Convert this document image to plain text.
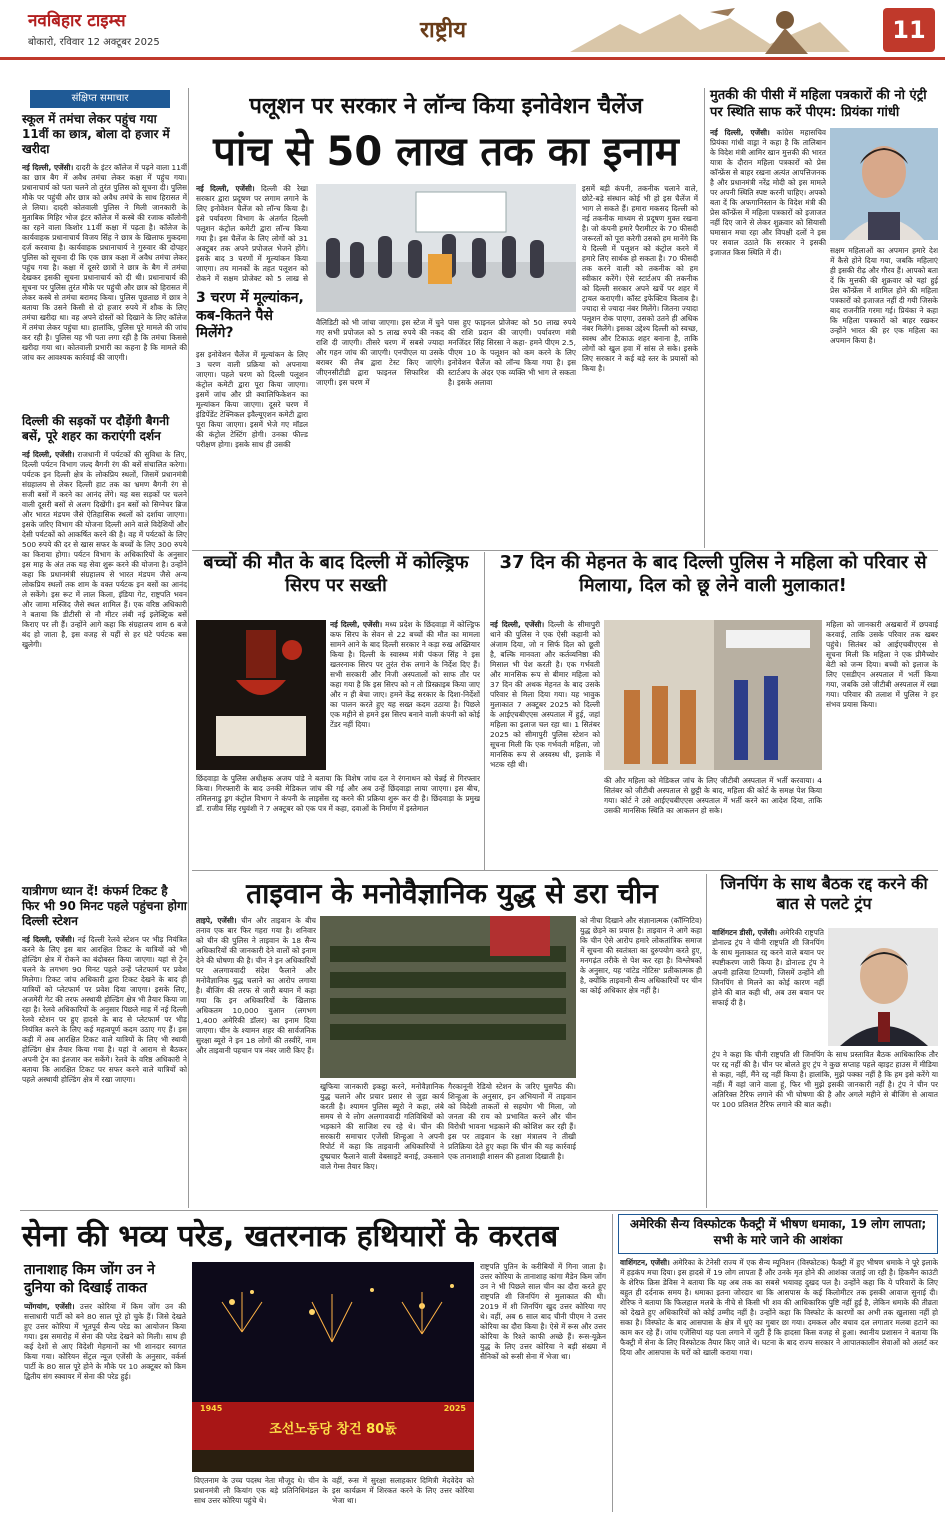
नवबिहार टाइम्स
बोकारो, रविवार 12 अक्टूबर 2025	राष्ट्रीय	11
संक्षिप्त समाचार
स्कूल में तमंचा लेकर पहुंच गया 11वीं का छात्र, बोला दो हजार में खरीदा
नई दिल्ली, एजेंसी। दादरी के इंटर कॉलेज में पढ़ने वाला 11वीं का छात्र बैग में अवैध तमंचा लेकर कक्षा में पहुंच गया। प्रधानाचार्य को पता चलने तो तुरंत पुलिस को सूचना दी। पुलिस मौके पर पहुंची और छात्र को अवैध तमंचे के साथ हिरासत में ले लिया। दादरी कोतवाली पुलिस ने मिली जानकारी के मुताबिक मिहिर भोज इंटर कॉलेज में कस्बे की रजाक कॉलोनी का रहने वाला किशोर 11वीं कक्षा में पढ़ता है। कॉलेज के कार्यवाहक प्रधानाचार्य विजय सिंह ने छात्र के खिलाफ मुकदमा दर्ज करवाया है। कार्यवाहक प्रधानाचार्य ने गुरुवार की दोपहर पुलिस को सूचना दी कि एक छात्र कक्षा में अवैध तमंचा लेकर पहुंच गया है। कक्षा में दूसरे छात्रों ने छात्र के बैग में तमंचा देखकर इसकी सूचना प्रधानाचार्य को दी थी। प्रधानाचार्य की सूचना पर पुलिस तुरंत मौके पर पहुंची और छात्र को हिरासत में लेकर कस्बे से तमंचा बरामद किया। पुलिस पूछताछ में छात्र ने बताया कि उसने किसी से दो हजार रुपये में शौक के लिए तमंचा खरीदा था। वह अपने दोस्तों को दिखाने के लिए कॉलेज में तमंचा लेकर पहुंचा था। हालांकि, पुलिस पूरे मामले की जांच कर रही है। पुलिस यह भी पता लगा रही है कि तमंचा किससे खरीदा गया था। कोतवाली प्रभारी का कहना है कि मामले की जांच कर आवश्यक कार्रवाई की जाएगी।
दिल्ली की सड़कों पर दौड़ेंगी बैगनी बसें, पूरे शहर का कराएंगी दर्शन
नई दिल्ली, एजेंसी। राजधानी में पर्यटकों की सुविधा के लिए, दिल्ली पर्यटन विभाग जल्द बैगनी रंग की बसें संचालित करेगा। पर्यटक इन दिल्ली क्षेत्र के लोकप्रिय स्थलों, जिसमें प्रधानमंत्री संग्रहालय से लेकर दिल्ली हाट तक का भ्रमण बैगनी रंग से सजी बसों में करने का आनंद लेंगे। यह बस सड़कों पर चलने वाली दूसरी बसों से अलग दिखेंगी। इन बसों को सिग्नेचर ब्रिज और भारत मंडपम जैसे ऐतिहासिक स्थलों को दर्शाया जाएगा। इसके जरिए विभाग की योजना दिल्ली आने वाले विदेशियों और देसी पर्यटकों को आकर्षित करने की है। वह में पर्यटकों के लिए 500 रुपये की दर से खास सफर के बच्चों के लिए 300 रुपये का किराया होगा। पर्यटन विभाग के अधिकारियों के अनुसार इस माह के अंत तक यह सेवा शुरू करने की योजना है। उन्होंने कहा कि प्रधानमंत्री संग्रहालय से भारत मंडपम जैसे अन्य लोकप्रिय स्थलों तक शाम के वक्त पर्यटक इन बसों का आनंद ले सकेंगे। इस रूट में लाल किला, इंडिया गेट, राष्ट्रपति भवन और जामा मस्जिद जैसे स्थल शामिल हैं। एक वरिष्ठ अधिकारी ने बताया कि डीटीसी से नौ मीटर लंबी नई इलेक्ट्रिक बसें किराए पर ली हैं। उन्होंने आगे कहा कि संग्रहालय शाम 6 बजे बंद हो जाता है, इस वजह से यहीं से हर घंटे पर्यटक बस खुलेगी।
यात्रीगण ध्यान दें! कंफर्म टिकट है फिर भी 90 मिनट पहले पहुंचना होगा दिल्ली स्टेशन
नई दिल्ली, एजेंसी। नई दिल्ली रेलवे स्टेशन पर भीड़ नियंत्रित करने के लिए इस बार आरक्षित टिकट के यात्रियों को भी होल्डिंग क्षेत्र में रोकने का बंदोबस्त किया जाएगा। यहां से ट्रेन चलने के लगभग 90 मिनट पहले उन्हें प्लेटफार्म पर प्रवेश मिलेगा। टिकट जांच अधिकारी द्वारा टिकट देखने के बाद ही यात्रियों को प्लेटफार्म पर प्रवेश दिया जाएगा। इसके लिए, अजमेरी गेट की तरफ अस्थायी होल्डिंग क्षेत्र भी तैयार किया जा रहा है। रेलवे अधिकारियों के अनुसार पिछले माह में नई दिल्ली रेलवे स्टेशन पर हुए हादसे के बाद से प्लेटफार्म पर भीड़ नियंत्रित करने के लिए कई महत्वपूर्ण कदम उठाए गए हैं। इस कड़ी में अब आरक्षित टिकट वाले यात्रियों के लिए भी स्थायी होल्डिंग क्षेत्र तैयार किया गया है। यहां वे आराम से बैठकर अपनी ट्रेन का इंतजार कर सकेंगे। रेलवे के वरिष्ठ अधिकारी ने बताया कि आरक्षित टिकट पर सफर करने वाले यात्रियों को पहले अस्थायी होल्डिंग क्षेत्र में रखा जाएगा।
पलूशन पर सरकार ने लॉन्च किया इनोवेशन चैलेंज
पांच से 50 लाख तक का इनाम
नई दिल्ली, एजेंसी। दिल्ली की रेखा सरकार द्वारा प्रदूषण पर लगाम लगाने के लिए इनोवेशन चैलेंज को लॉन्च किया है। इसे पर्यावरण विभाग के अंतर्गत दिल्ली पलूशन कंट्रोल कमेटी द्वारा लॉन्च किया गया है। इस चैलेंज के लिए लोगों को 31 अक्टूबर तक अपने प्रपोजल भेजने होंगे। इसके बाद 3 चरणों में मूल्यांकन किया जाएगा। तय मानकों के तहत पलूशन को रोकने में सक्षम प्रोजेक्ट को 5 लाख से
3 चरण में मूल्यांकन, कब-कितने पैसे मिलेंगे?
इस इनोवेशन चैलेंज में मूल्यांकन के लिए 3 चरण वाली प्रक्रिया को अपनाया जाएगा। पहले चरण को दिल्ली पलूशन कंट्रोल कमेटी द्वारा पूरा किया जाएगा। इसमें जांच और प्री क्वालिफिकेशन का मूल्यांकन किया जाएगा। दूसरे चरण में इंडिपेंडेंट टेक्निकल इवैल्यूएशन कमेटी द्वारा पूरा किया जाएगा। इसमें भेजे गए मॉडल की कंट्रोल टेस्टिंग होगी। उनका फील्ड परीक्षण होगा। इसके साथ ही उसकी
वैलिडिटी को भी जांचा जाएगा। इस स्टेज में चुने गए सभी प्रपोजल को 5 लाख रुपये की नकद राशि दी जाएगी। तीसरे चरण में सबसे ज्यादा और गहन जांच की जाएगी। एनपीएल या उसके बराबर की लैब द्वारा टेस्ट किए जाएंगे। जीएनसीटीडी द्वारा फाइनल सिफारिश की जाएगी। इस चरण में
पास हुए फाइनल प्रोजेक्ट को 50 लाख रुपये की राशि प्रदान की जाएगी। पर्यावरण मंत्री मनजिंदर सिंह सिरसा ने कहा- हमने पीएम 2.5, पीएम 10 के पलूशन को कम करने के लिए इनोवेशन चैलेंज को लॉन्च किया गया है। इस स्टार्टअप के अंदर एक व्यक्ति भी भाग ले सकता है। इसके अलावा
इसमें बड़ी कंपनी, तकनीक चलाने वाले, छोटे-बड़े संस्थान कोई भी हो इस चैलेंज में भाग ले सकते हैं। हमारा मकसद दिल्ली को नई तकनीक माध्यम से प्रदूषण मुक्त रखना है। जो कंपनी हमारे पैरामीटर के 70 फीसदी जरूरतों को पूरा करेगी उसको हम मानेंगे कि ये दिल्ली में पलूशन को कंट्रोल करने में हमारे लिए सार्थक हो सकता है। 70 फीसदी तक करने वाली को तकनीक को हम स्वीकार करेंगे। ऐसे स्टार्टअप की तकनीक को दिल्ली सरकार अपने खर्चे पर शहर में ट्रायल कराएगी। कॉस्ट इफेक्टिव किताब है। ज्यादा से ज्यादा नंबर मिलेंगे। जितना ज्यादा पलूशन रोक पाएगा, उसको उतने ही अधिक नंबर मिलेंगे। इसका उद्देश्य दिल्ली को स्वच्छ, स्वस्थ और टिकाऊ शहर बनाना है, ताकि लोगों को खुल हवा में सांस ले सके। इसके लिए सरकार ने कई बड़े स्तर के प्रयासों को किया है।
मुतकी की पीसी में महिला पत्रकारों की नो एंट्री पर स्थिति साफ करें पीएम: प्रियंका गांधी
नई दिल्ली, एजेंसी। कांग्रेस महासचिव प्रियंका गांधी वाड्रा ने कहा है कि तालिबान के विदेश मंत्री आमिर खान मुत्तकी की भारत यात्रा के दौरान महिला पत्रकारों को प्रेस कॉन्फ्रेंस से बाहर रखना अत्यंत आपत्तिजनक है और प्रधानमंत्री नरेंद्र मोदी को इस मामले पर अपनी स्थिति स्पष्ट करनी चाहिए। अपको बता दें कि अफगानिस्तान के विदेश मंत्री की प्रेस कॉन्फ्रेंस में महिला पत्रकारों को इजाजत नहीं दिए जाने से लेकर शुक्रवार को सियासी घमासान मचा रहा और विपक्षी दलों ने इस पर सवाल उठाते कि सरकार ने इसकी इजाजत किस स्थिति में दी।	सक्षम महिलाओं का अपमान हमारे देश में कैसे होने दिया गया, जबकि महिलाएं ही इसकी रीढ़ और गौरव हैं। आपको बता दें कि मुत्तकी की शुक्रवार को यहां हुई प्रेस कॉन्फ्रेंस में शामिल होने की महिला पत्रकारों को इजाजत नहीं दी गयी जिसके बाद राजनीति गरमा गई। प्रियंका ने कहा कि महिला पत्रकारों को बाहर रखकर उन्होंने भारत की हर एक महिला का अपमान किया है।
बच्चों की मौत के बाद दिल्ली में कोल्ड्रिफ सिरप पर सख्ती
नई दिल्ली, एजेंसी। मध्य प्रदेश के छिंदवाड़ा में कोल्ड्रिफ कफ सिरप के सेवन से 22 बच्चों की मौत का मामला सामने आने के बाद दिल्ली सरकार ने कड़ा रुख अख्तियार किया है। दिल्ली के स्वास्थ्य मंत्री पंकज सिंह ने इस खतरनाक सिरप पर तुरंत रोक लगाने के निर्देश दिए हैं। सभी सरकारी और निजी अस्पतालों को साफ तौर पर कहा गया है कि इस सिरप को न तो प्रिस्क्राइब किया जाए और न ही बेचा जाए। हमने केंद्र सरकार के दिशा-निर्देशों का पालन करते हुए यह सख्त कदम उठाया है। पिछले एक महीने से हमने इस सिरप बनाने वाली कंपनी को कोई टेंडर नहीं दिया।
छिंदवाड़ा के पुलिस अधीक्षक अजय पांडे ने बताया कि विशेष जांच दल ने रंगनाथन को चेन्नई से गिरफ्तार किया। गिरफ्तारी के बाद उनकी मेडिकल जांच की गई और अब उन्हें छिंदवाड़ा लाया जाएगा। इस बीच, तमिलनाडु ड्रग कंट्रोल विभाग ने कंपनी के लाइसेंस रद्द करने की प्रक्रिया शुरू कर दी है। छिंदवाड़ा के प्रमुख डॉ. राजीव सिंह रघुवंशी ने 7 अक्टूबर को एक पत्र में कहा, दवाओं के निर्माण में इस्तेमाल
37 दिन की मेहनत के बाद दिल्ली पुलिस ने महिला को परिवार से मिलाया, दिल को छू लेने वाली मुलाकात!
नई दिल्ली, एजेंसी। दिल्ली के सीमापुरी थाने की पुलिस ने एक ऐसी कहानी को अंजाम दिया, जो न सिर्फ दिल को छूती है, बल्कि मानवता और कर्तव्यनिष्ठा की मिसाल भी पेश करती है। एक गर्भवती और मानसिक रूप से बीमार महिला को 37 दिन की अथक मेहनत के बाद उसके परिवार से मिला दिया गया। यह भावुक मुलाकात 7 अक्टूबर 2025 को दिल्ली के आईएचबीएएस अस्पताल में हुई, जहां महिला का इलाज चल रहा था। 1 सितंबर 2025 को सीमापुरी पुलिस स्टेशन को सूचना मिली कि एक गर्भवती महिला, जो मानसिक रूप से अस्वस्थ थी, इलाके में भटक रही थी।
की और महिला को मेडिकल जांच के लिए जीटीबी अस्पताल में भर्ती करवाया। 4 सितंबर को जीटीबी अस्पताल से छुट्टी के बाद, महिला की कोर्ट के समक्ष पेश किया गया। कोर्ट ने उसे आईएचबीएएस अस्पताल में भर्ती करने का आदेश दिया, ताकि उसकी मानसिक स्थिति का आकलन हो सके।
महिला को जानकारी अखबारों में छपवाई करवाई, ताकि उसके परिवार तक खबर पहुंचे। सितंबर को आईएचबीएएस से सूचना मिली कि महिला ने एक प्रीमैच्योर बेटी को जन्म दिया। बच्ची को इलाज के लिए एसडीएन अस्पताल में भर्ती किया गया, जबकि उसे जीटीबी अस्पताल में रखा गया। परिवार की तलाश में पुलिस ने हर संभव प्रयास किया।
ताइवान के मनोवैज्ञानिक युद्ध से डरा चीन
ताइपे, एजेंसी। चीन और ताइवान के बीच तनाव एक बार फिर गहरा गया है। शनिवार को चीन की पुलिस ने ताइवान के 18 सैन्य अधिकारियों की जानकारी देने वालों को इनाम देने की घोषणा की है। चीन ने इन अधिकारियों पर अलगाववादी संदेश फैलाने और मनोवैज्ञानिक युद्ध चलाने का आरोप लगाया है। बीजिंग की तरफ से जारी बयान में कहा गया कि इन अधिकारियों के खिलाफ अधिकतम 10,000 युआन (लगभग 1,400 अमेरिकी डॉलर) का इनाम दिया जाएगा। चीन के श्यामन शहर की सार्वजनिक सुरक्षा ब्यूरो ने इन 18 लोगों की तस्वीरें, नाम और ताइवानी पहचान पत्र नंबर जारी किए हैं।
खुफिया जानकारी इकट्ठा करने, मनोवैज्ञानिक युद्ध चलाने और प्रचार प्रसार से जुड़ा कार्य करती है। श्यामन पुलिस ब्यूरो ने कहा, लंबे समय से ये लोग अलगाववादी गतिविधियों को भड़काने की साजिश रच रहे थे। चीन की सरकारी समाचार एजेंसी शिन्हुआ ने अपनी रिपोर्ट में कहा कि ताइवानी अधिकारियों ने दुष्प्रचार फैलाने वाली वेबसाइटें बनाई, उकसाने वाले गेम्स तैयार किए।
गैरकानूनी रेडियो स्टेशन के जरिए घुसपैठ की। शिन्हुआ के अनुसार, इन अभियानों में ताइवान को विदेशी ताकतों से सहयोग भी मिला, जो जनता की राय को प्रभावित करने और चीन विरोधी भावना भड़काने की कोशिश कर रही हैं। इस पर ताइवान के रक्षा मंत्रालय ने तीखी प्रतिक्रिया देते हुए कहा कि चीन की यह कार्रवाई एक तानाशाही शासन की हताशा दिखाती है।
को नीचा दिखाने और संज्ञानात्मक (कॉग्निटिव) युद्ध छेड़ने का प्रयास है। ताइवान ने आगे कहा कि चीन ऐसे आरोप हमारे लोकतांत्रिक समाज में सूचना की स्वतंत्रता का दुरुपयोग करते हुए, मनगढ़ंत तरीके से पेश कर रहा है। विश्लेषकों के अनुसार, यह 'वांटेड नोटिस' प्रतीकात्मक ही है, क्योंकि ताइवानी सैन्य अधिकारियों पर चीन का कोई अधिकार क्षेत्र नहीं है।
जिनपिंग के साथ बैठक रद्द करने की बात से पलटे ट्रंप
वाशिंगटन डीसी, एजेंसी। अमेरिकी राष्ट्रपति डोनाल्ड ट्रंप ने चीनी राष्ट्रपति शी जिनपिंग के साथ मुलाकात रद्द करने वाले बयान पर स्पष्टीकरण जारी किया है। डोनाल्ड ट्रंप ने अपनी हालिया टिप्पणी, जिसमें उन्होंने शी जिनपिंग से मिलने का कोई कारण नहीं होने की बात कही थी, अब उस बयान पर सफाई दी है।
ट्रंप ने कहा कि चीनी राष्ट्रपति शी जिनपिंग के साथ प्रस्तावित बैठक आधिकारिक तौर पर रद्द नहीं की है। चीन पर बोलते हुए ट्रंप ने कुछ सप्ताह पहले व्हाइट हाउस में मीडिया से कहा, नहीं, मैंने रद्द नहीं किया है। हालांकि, मुझे पक्का नहीं है कि हम इसे करेंगे या नहीं। मैं वहां जाने वाला हूं, फिर भी मुझे इसकी जानकारी नहीं है। ट्रंप ने चीन पर अतिरिक्त टैरिफ लगाने की भी घोषणा की है और अगले महीने से बीजिंग से आयात पर 100 प्रतिशत टैरिफ लगाने की बात कही।
सेना की भव्य परेड, खतरनाक हथियारों के करतब
तानाशाह किम जोंग उन ने दुनिया को दिखाई ताकत
प्योंगयांग, एजेंसी। उत्तर कोरिया में किम जोंग उन की सत्ताधारी पार्टी को बने 80 साल पूरे हो चुके हैं। जिसे देखते हुए उत्तर कोरिया में भूतपूर्व सैन्य परेड का आयोजन किया गया। इस समारोह में सेना की परेड देखने को मिली। साथ ही कई देशों से आए विदेशी मेहमानों का भी शानदार स्वागत किया गया। कोरियन सेंट्रल न्यूज एजेंसी के अनुसार, वर्कर्स पार्टी के 80 साल पूरे होने के मौके पर 10 अक्टूबर को किम द्वितीय संग स्क्वायर में सेना की परेड हुई।
1945
조선노동당 창건 80돐
2025
विएतनाम के उच्च पदस्थ नेता मौजूद थे। चीन के प्रधानमंत्री ली कियांग एक बड़े प्रतिनिधिमंडल के साथ उत्तर कोरिया पहुंचे थे।
वहीं, रूस में सुरक्षा सलाहकार दिमित्री मेदवेदेव को इस कार्यक्रम में शिरकत करने के लिए उत्तर कोरिया भेजा था।
राष्ट्रपति पुतिन के करीबियों में गिना जाता है। उत्तर कोरिया के तानाशाह कांगा मैडेन किम जोंग उन ने भी पिछले साल चीन का दौरा करते हुए राष्ट्रपति शी जिनपिंग से मुलाकात की थी। 2019 में शी जिनपिंग खुद उत्तर कोरिया गए थे। वहीं, अब 6 साल बाद चीनी पीएम ने उत्तर कोरिया का दौरा किया है। ऐसे में रूस और उत्तर कोरिया के रिश्ते काफी अच्छे हैं। रूस-यूक्रेन युद्ध के लिए उत्तर कोरिया ने बड़ी संख्या में सैनिकों को रूसी सेना में भेजा था।
अमेरिकी सैन्य विस्फोटक फैक्ट्री में भीषण धमाका, 19 लोग लापता; सभी के मारे जाने की आशंका
वाशिंगटन, एजेंसी। अमेरिका के टेनेसी राज्य में एक सैन्य म्यूनिशन (विस्फोटक) फैक्ट्री में हुए भीषण धमाके ने पूरे इलाके में हड़कंप मचा दिया। इस हादसे में 19 लोग लापता हैं और उनके मृत होने की आशंका जताई जा रही है। हिकमैन काउंटी के शेरिफ क्रिस डेविस ने बताया कि यह अब तक का सबसे भयावह दुखद पल है। उन्होंने कहा कि ये परिवारों के लिए बहुत ही दर्दनाक समय है। धमाका इतना जोरदार था कि आसपास के कई किलोमीटर तक इसकी आवाज सुनाई दी। शेरिफ ने बताया कि फिलहाल मलबे के नीचे से किसी भी शव की आधिकारिक पुष्टि नहीं हुई है, लेकिन धमाके की तीव्रता को देखते हुए अधिकारियों को कोई उम्मीद नहीं है। उन्होंने कहा कि विस्फोट के कारणों का अभी तक खुलासा नहीं हो सका है। विस्फोट के बाद आसपास के क्षेत्र में धुएं का गुबार छा गया। दमकल और बचाव दल लगातार मलबा हटाने का काम कर रहे हैं। जांच एजेंसियां यह पता लगाने में जुटी हैं कि हादसा किस वजह से हुआ। स्थानीय प्रशासन ने बताया कि फैक्ट्री में सेना के लिए विस्फोटक तैयार किए जाते थे। घटना के बाद राज्य सरकार ने आपातकालीन सेवाओं को अलर्ट कर दिया और आसपास के घरों को खाली कराया गया।
